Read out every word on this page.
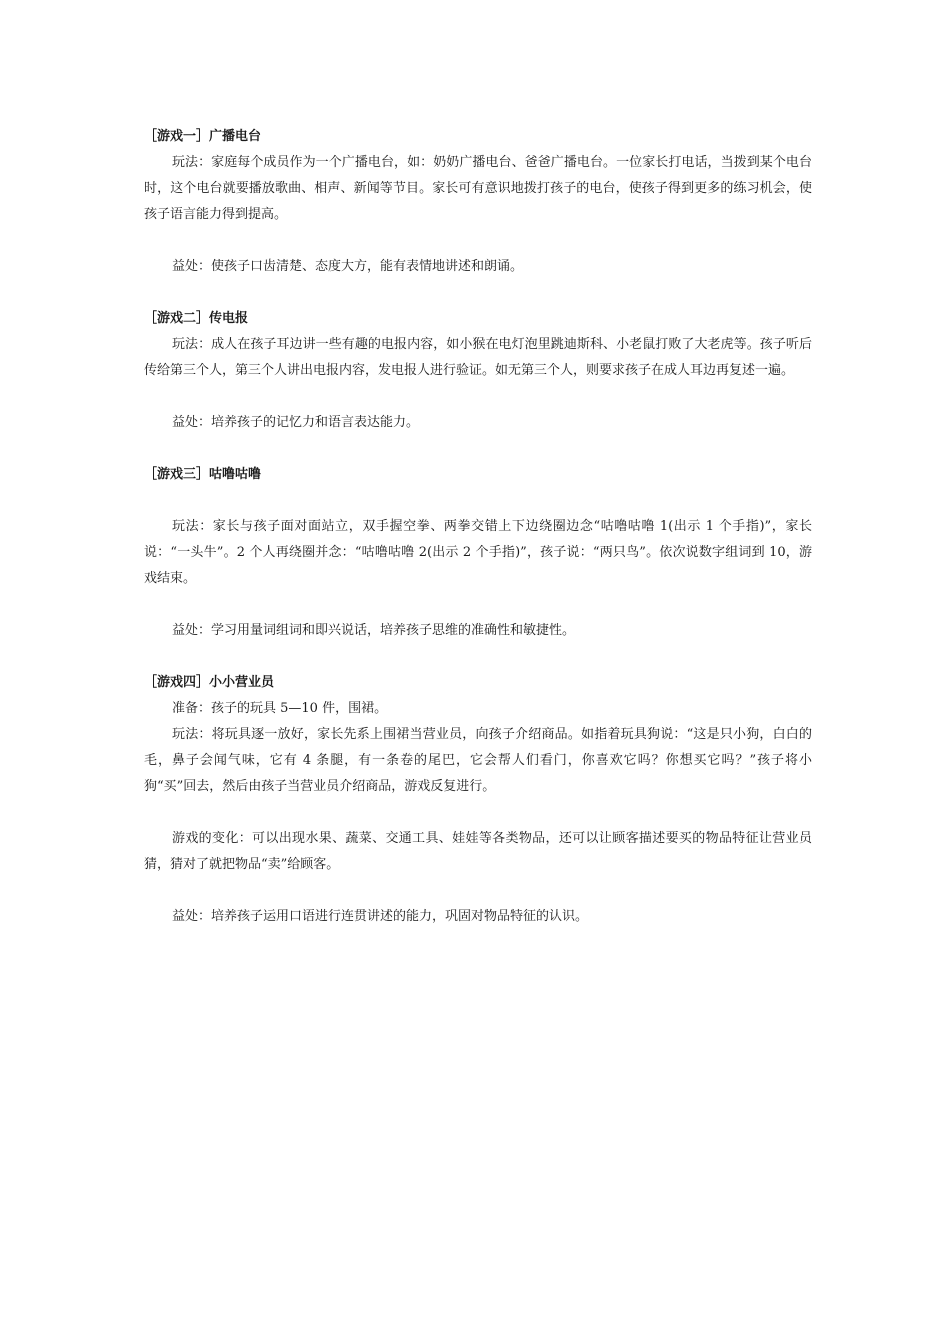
［游戏一］广播电台

玩法：家庭每个成员作为一个广播电台，如：奶奶广播电台、爸爸广播电台。一位家长打电话，当拨到某个电台时，这个电台就要播放歌曲、相声、新闻等节目。家长可有意识地拨打孩子的电台，使孩子得到更多的练习机会，使孩子语言能力得到提高。

益处：使孩子口齿清楚、态度大方，能有表情地讲述和朗诵。

［游戏二］传电报

玩法：成人在孩子耳边讲一些有趣的电报内容，如小猴在电灯泡里跳迪斯科、小老鼠打败了大老虎等。孩子听后传给第三个人，第三个人讲出电报内容，发电报人进行验证。如无第三个人，则要求孩子在成人耳边再复述一遍。

益处：培养孩子的记忆力和语言表达能力。

［游戏三］咕噜咕噜

玩法：家长与孩子面对面站立，双手握空拳、两拳交错上下边绕圈边念“咕噜咕噜 1(出示 1 个手指)”，家长说：“一头牛”。2 个人再绕圈并念：“咕噜咕噜 2(出示 2 个手指)”，孩子说：“两只鸟”。依次说数字组词到 10，游戏结束。

益处：学习用量词组词和即兴说话，培养孩子思维的准确性和敏捷性。

［游戏四］小小营业员

准备：孩子的玩具 5—10 件，围裙。

玩法：将玩具逐一放好，家长先系上围裙当营业员，向孩子介绍商品。如指着玩具狗说：“这是只小狗，白白的毛，鼻子会闻气味，它有 4 条腿，有一条卷的尾巴，它会帮人们看门，你喜欢它吗？你想买它吗？”孩子将小狗“买”回去，然后由孩子当营业员介绍商品，游戏反复进行。

游戏的变化：可以出现水果、蔬菜、交通工具、娃娃等各类物品，还可以让顾客描述要买的物品特征让营业员猜，猜对了就把物品“卖”给顾客。

益处：培养孩子运用口语进行连贯讲述的能力，巩固对物品特征的认识。
